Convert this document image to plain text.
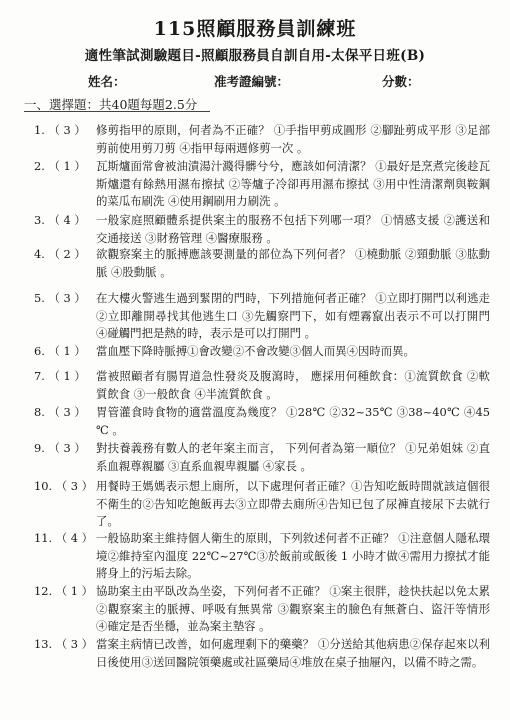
115照顧服務員訓練班
適性筆試測驗題目-照顧服務員自訓自用-太保平日班(B)
姓名：	准考證編號：	分數：
一、選擇題：共40題每題2.5分
1. （ 3 ） 修剪指甲的原則，何者為不正確？ ①手指甲剪成圓形 ②腳趾剪成平形 ③足部剪前使用剪刀剪 ④指甲每兩週修剪一次 。
2. （ 1 ） 瓦斯爐面常會被油漬湯汁濺得髒兮兮，應該如何清潔？ ①最好是烹煮完後趁瓦斯爐還有餘熱用濕布擦拭 ②等爐子冷卻再用濕布擦拭 ③用中性清潔劑與鞍鋼的菜瓜布刷洗 ④使用鋼刷用力刷洗 。
3. （ 4 ） 一般家庭照顧體系提供案主的服務不包括下列哪一項？ ①情感支援 ②護送和交通接送 ③財務管理 ④醫療服務 。
4. （ 2 ） 欲觀察案主的脈搏應該要測量的部位為下列何者？ ①橈動脈 ②頸動脈 ③肱動脈 ④股動脈 。
5. （ 3 ） 在大樓火警逃生過到緊閉的門時，下列措施何者正確？ ①立即打開門以利逃走 ②立即離開尋找其他逃生口 ③先觸察門下，如有煙霧竄出表示不可以打開門 ④碰觸門把是熱的時，表示是可以打開門 。
6. （ 1 ） 當血壓下降時脈搏①會改變②不會改變③個人而異④因時而異。
7. （ 1 ） 當被照顧者有腸胃道急性發炎及腹瀉時， 應採用何種飲食：①流質飲食 ②軟質飲食 ③一般飲食 ④半流質飲食 。
8. （ 3 ） 胃管灌食時食物的適當溫度為幾度？ ①28℃ ②32~35℃ ③38~40℃ ④45 ℃ 。
9. （ 3 ） 對扶養義務有數人的老年案主而言， 下列何者為第一順位？ ①兄弟姐妹 ②直系血親尊親屬 ③直系血親卑親屬 ④家長 。
10. （ 3 ） 用餐時王媽媽表示想上廁所，以下處理何者正確？①告知吃飯時間就該這個很不衛生的②告知吃飽飯再去③立即帶去廁所④告知已包了尿褲直接尿下去就行了。
11. （ 4 ） 一般協助案主維持個人衛生的原則，下列敘述何者不正確？ ①注意個人隱私環境②維持室內溫度 22℃~27℃③於飯前或飯後 1 小時才做④需用力擦拭才能將身上的污垢去除。
12. （ 1 ） 協助案主由平臥改為坐姿，下列何者不正確？ ①案主很胖，趁快扶起以免太累 ②觀察案主的脈搏、呼吸有無異常 ③觀察案主的臉色有無蒼白、盜汗等情形 ④確定是否坐穩，並為案主墊容 。
13. （ 3 ） 當案主病情已改善，如何處理剩下的藥藥？ ①分送給其他病患②保存起來以利日後使用③送回醫院領藥處或社區藥局④堆放在桌子抽屜內，以備不時之需。
